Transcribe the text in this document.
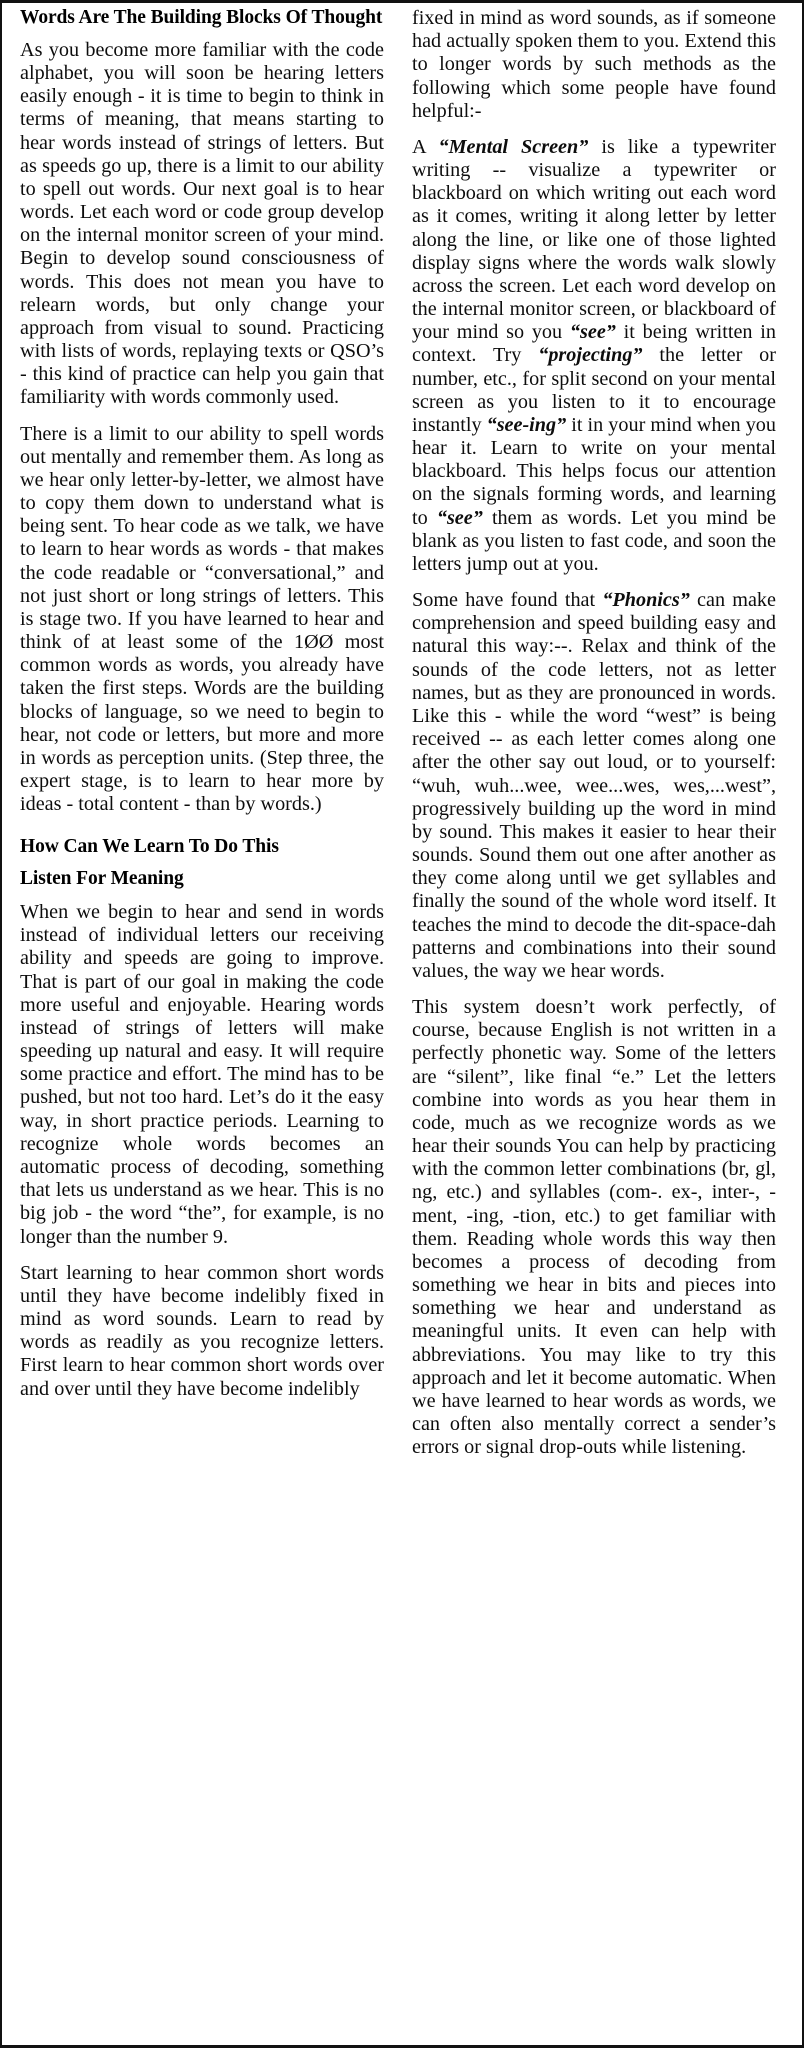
Words Are The Building Blocks Of Thought

As you become more familiar with the code alphabet, you will soon be hearing letters easily enough - it is time to begin to think in terms of meaning, that means starting to hear words instead of strings of letters. But as speeds go up, there is a limit to our ability to spell out words. Our next goal is to hear words. Let each word or code group develop on the internal monitor screen of your mind. Begin to develop sound consciousness of words. This does not mean you have to relearn words, but only change your approach from visual to sound. Practicing with lists of words, replaying texts or QSO’s - this kind of practice can help you gain that familiarity with words commonly used.

There is a limit to our ability to spell words out mentally and remember them. As long as we hear only letter-by-letter, we almost have to copy them down to understand what is being sent. To hear code as we talk, we have to learn to hear words as words - that makes the code readable or “conversational,” and not just short or long strings of letters. This is stage two. If you have learned to hear and think of at least some of the 1ØØ most common words as words, you already have taken the first steps. Words are the building blocks of language, so we need to begin to hear, not code or letters, but more and more in words as perception units. (Step three, the expert stage, is to learn to hear more by ideas - total content - than by words.)

How Can We Learn To Do This
Listen For Meaning

When we begin to hear and send in words instead of individual letters our receiving ability and speeds are going to improve. That is part of our goal in making the code more useful and enjoyable. Hearing words instead of strings of letters will make speeding up natural and easy. It will require some practice and effort. The mind has to be pushed, but not too hard. Let’s do it the easy way, in short practice periods. Learning to recognize whole words becomes an automatic process of decoding, something that lets us understand as we hear. This is no big job - the word “the”, for example, is no longer than the number 9.

Start learning to hear common short words until they have become indelibly fixed in mind as word sounds. Learn to read by words as readily as you recognize letters. First learn to hear common short words over and over until they have become indelibly

fixed in mind as word sounds, as if someone had actually spoken them to you. Extend this to longer words by such methods as the following which some people have found helpful:-

A “Mental Screen” is like a typewriter writing -- visualize a typewriter or blackboard on which writing out each word as it comes, writing it along letter by letter along the line, or like one of those lighted display signs where the words walk slowly across the screen. Let each word develop on the internal monitor screen, or blackboard of your mind so you “see” it being written in context. Try “projecting” the letter or number, etc., for split second on your mental screen as you listen to it to encourage instantly “see-ing” it in your mind when you hear it. Learn to write on your mental blackboard. This helps focus our attention on the signals forming words, and learning to “see” them as words. Let you mind be blank as you listen to fast code, and soon the letters jump out at you.

Some have found that “Phonics” can make comprehension and speed building easy and natural this way:--. Relax and think of the sounds of the code letters, not as letter names, but as they are pronounced in words. Like this - while the word “west” is being received -- as each letter comes along one after the other say out loud, or to yourself: “wuh, wuh...wee, wee...wes, wes,...west”, progressively building up the word in mind by sound. This makes it easier to hear their sounds. Sound them out one after another as they come along until we get syllables and finally the sound of the whole word itself. It teaches the mind to decode the dit-space-dah patterns and combinations into their sound values, the way we hear words.

This system doesn’t work perfectly, of course, because English is not written in a perfectly phonetic way. Some of the letters are “silent”, like final “e.” Let the letters combine into words as you hear them in code, much as we recognize words as we hear their sounds You can help by practicing with the common letter combinations (br, gl, ng, etc.) and syllables (com-. ex-, inter-, -ment, -ing, -tion, etc.) to get familiar with them. Reading whole words this way then becomes a process of decoding from something we hear in bits and pieces into something we hear and understand as meaningful units. It even can help with abbreviations. You may like to try this approach and let it become automatic. When we have learned to hear words as words, we can often also mentally correct a sender’s errors or signal drop-outs while listening.
